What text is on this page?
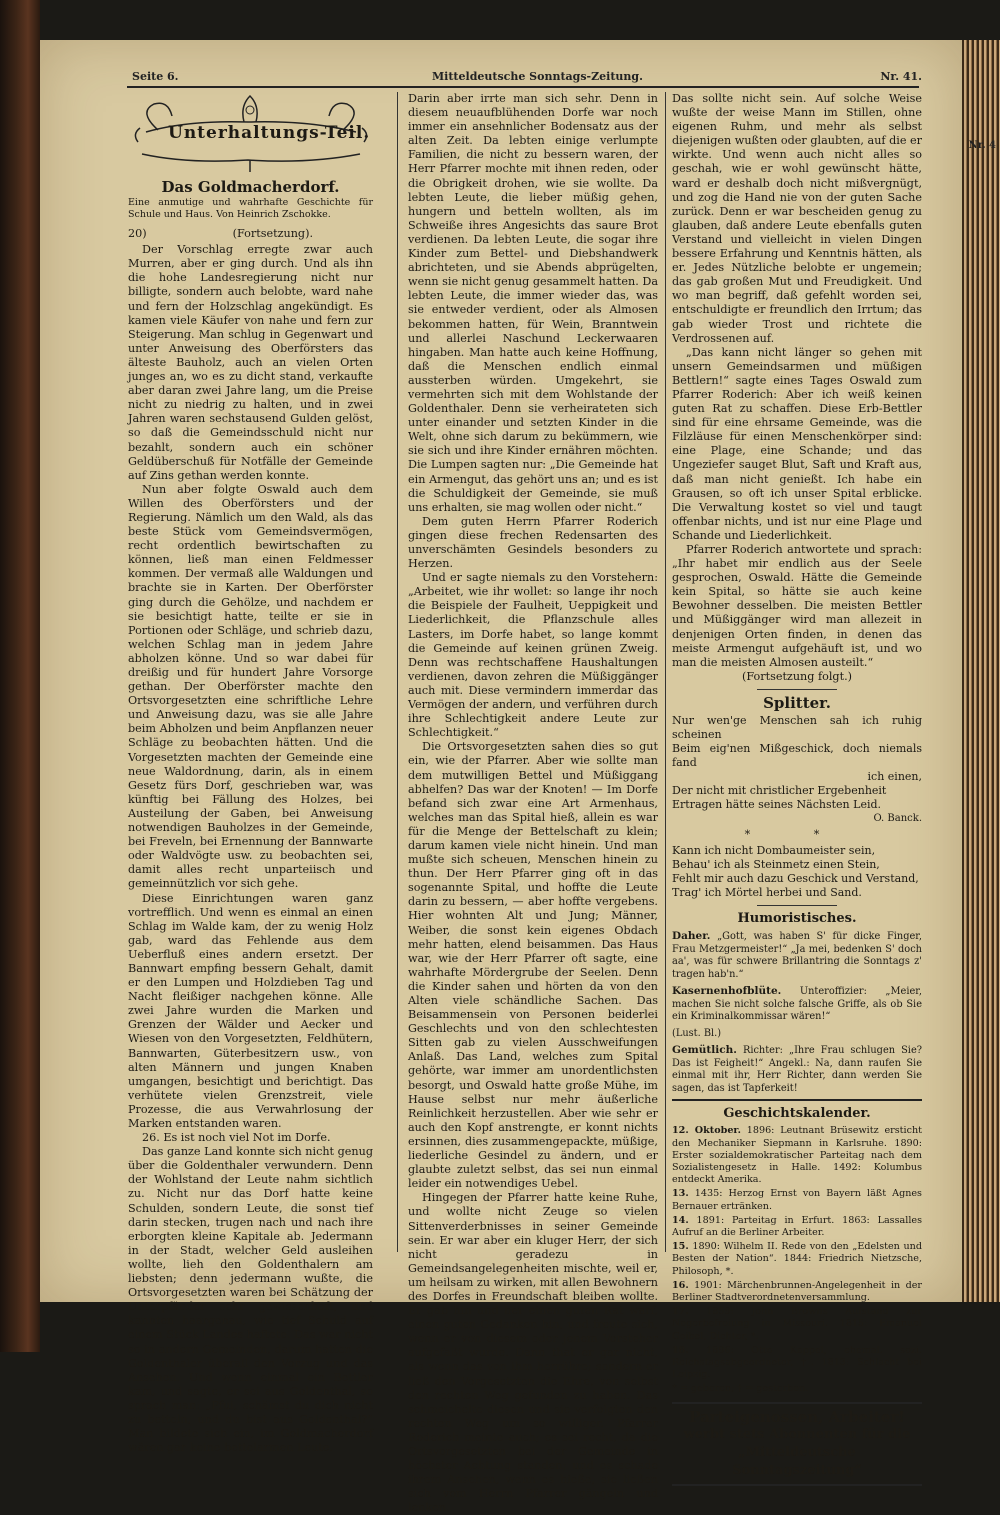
Seite 6.	Mitteldeutsche Sonntags-Zeitung.	Nr. 41.
Unterhaltungs-Teil.
Das Goldmacherdorf.
Eine anmutige und wahrhafte Geschichte für Schule und Haus. Von Heinrich Zschokke.
20)	(Fortsetzung).

Der Vorschlag erregte zwar auch Murren, aber er ging durch. Und als ihn die hohe Landesregierung nicht nur billigte, sondern auch belobte, ward nahe und fern der Holzschlag angekündigt. Es kamen viele Käufer von nahe und fern zur Steigerung. Man schlug in Gegenwart und unter Anweisung des Oberförsters das älteste Bauholz, auch an vielen Orten junges an, wo es zu dicht stand, verkaufte aber daran zwei Jahre lang, um die Preise nicht zu niedrig zu halten, und in zwei Jahren waren sechstausend Gulden gelöst, so daß die Gemeindsschuld nicht nur bezahlt, sondern auch ein schöner Geldüberschuß für Notfälle der Gemeinde auf Zins gethan werden konnte.

Nun aber folgte Oswald auch dem Willen des Oberförsters und der Regierung. Nämlich um den Wald, als das beste Stück vom Gemeindsvermögen, recht ordentlich bewirtschaften zu können, ließ man einen Feldmesser kommen. Der vermaß alle Waldungen und brachte sie in Karten. Der Oberförster ging durch die Gehölze, und nachdem er sie besichtigt hatte, teilte er sie in Portionen oder Schläge, und schrieb dazu, welchen Schlag man in jedem Jahre abholzen könne. Und so war dabei für dreißig und für hundert Jahre Vorsorge gethan. Der Oberförster machte den Ortsvorgesetzten eine schriftliche Lehre und Anweisung dazu, was sie alle Jahre beim Abholzen und beim Anpflanzen neuer Schläge zu beobachten hätten. Und die Vorgesetzten machten der Gemeinde eine neue Waldordnung, darin, als in einem Gesetz fürs Dorf, geschrieben war, was künftig bei Fällung des Holzes, bei Austeilung der Gaben, bei Anweisung notwendigen Bauholzes in der Gemeinde, bei Freveln, bei Ernennung der Bannwarte oder Waldvögte usw. zu beobachten sei, damit alles recht unparteiisch und gemeinnützlich vor sich gehe.

Diese Einrichtungen waren ganz vortrefflich. Und wenn es einmal an einen Schlag im Walde kam, der zu wenig Holz gab, ward das Fehlende aus dem Ueberfluß eines andern ersetzt. Der Bannwart empfing bessern Gehalt, damit er den Lumpen und Holzdieben Tag und Nacht fleißiger nachgehen könne. Alle zwei Jahre wurden die Marken und Grenzen der Wälder und Aecker und Wiesen von den Vorgesetzten, Feldhütern, Bannwarten, Güterbesitzern usw., von alten Männern und jungen Knaben umgangen, besichtigt und berichtigt. Das verhütete vielen Grenzstreit, viele Prozesse, die aus Verwahrlosung der Marken entstanden waren.

26. Es ist noch viel Not im Dorfe.

Das ganze Land konnte sich nicht genug über die Goldenthaler verwundern. Denn der Wohlstand der Leute nahm sichtlich zu. Nicht nur das Dorf hatte keine Schulden, sondern Leute, die sonst tief darin stecken, trugen nach und nach ihre erborgten kleine Kapitale ab. Jedermann in der Stadt, welcher Geld ausleihen wollte, lieh den Goldenthalern am liebsten; denn jedermann wußte, die Ortsvorgesetzten waren bei Schätzung der Unterpfänder sehr gewissenhaft, und kannten haargenau, wie tief Schuld auf einem Stück Landes haftete. Das war nicht so in andern Gemeinden, darum hatten die Goldenthaler überall den Vorzug und das Ansehen. Und wenn einmal ein Bettler kam, und sagte, er sei aus Goldenthal, so sprach man: „Pfui, schämst du dich nicht zu betteln, und du bist aus Goldenthal?“ Man bildete sich ein, im Goldmacherdorf wären gar keine bettelarmen Leute.

Darin aber irrte man sich sehr. Denn in diesem neuaufblühenden Dorfe war noch immer ein ansehnlicher Bodensatz aus der alten Zeit. Da lebten einige verlumpte Familien, die nicht zu bessern waren, der Herr Pfarrer mochte mit ihnen reden, oder die Obrigkeit drohen, wie sie wollte. Da lebten Leute, die lieber müßig gehen, hungern und betteln wollten, als im Schweiße ihres Angesichts das saure Brot verdienen. Da lebten Leute, die sogar ihre Kinder zum Bettel- und Diebshandwerk abrichteten, und sie Abends abprügelten, wenn sie nicht genug gesammelt hatten. Da lebten Leute, die immer wieder das, was sie entweder verdient, oder als Almosen bekommen hatten, für Wein, Branntwein und allerlei Naschund Leckerwaaren hingaben. Man hatte auch keine Hoffnung, daß die Menschen endlich einmal aussterben würden. Umgekehrt, sie vermehrten sich mit dem Wohlstande der Goldenthaler. Denn sie verheirateten sich unter einander und setzten Kinder in die Welt, ohne sich darum zu bekümmern, wie sie sich und ihre Kinder ernähren möchten. Die Lumpen sagten nur: „Die Gemeinde hat ein Armengut, das gehört uns an; und es ist die Schuldigkeit der Gemeinde, sie muß uns erhalten, sie mag wollen oder nicht.“

Dem guten Herrn Pfarrer Roderich gingen diese frechen Redensarten des unverschämten Gesindels besonders zu Herzen.

Und er sagte niemals zu den Vorstehern: „Arbeitet, wie ihr wollet: so lange ihr noch die Beispiele der Faulheit, Ueppigkeit und Liederlichkeit, die Pflanzschule alles Lasters, im Dorfe habet, so lange kommt die Gemeinde auf keinen grünen Zweig. Denn was rechtschaffene Haushaltungen verdienen, davon zehren die Müßiggänger auch mit. Diese vermindern immerdar das Vermögen der andern, und verführen durch ihre Schlechtigkeit andere Leute zur Schlechtigkeit.“

Die Ortsvorgesetzten sahen dies so gut ein, wie der Pfarrer. Aber wie sollte man dem mutwilligen Bettel und Müßiggang abhelfen? Das war der Knoten! — Im Dorfe befand sich zwar eine Art Armenhaus, welches man das Spital hieß, allein es war für die Menge der Bettelschaft zu klein; darum kamen viele nicht hinein. Und man mußte sich scheuen, Menschen hinein zu thun. Der Herr Pfarrer ging oft in das sogenannte Spital, und hoffte die Leute darin zu bessern, — aber hoffte vergebens. Hier wohnten Alt und Jung; Männer, Weiber, die sonst kein eigenes Obdach mehr hatten, elend beisammen. Das Haus war, wie der Herr Pfarrer oft sagte, eine wahrhafte Mördergrube der Seelen. Denn die Kinder sahen und hörten da von den Alten viele schändliche Sachen. Das Beisammensein von Personen beiderlei Geschlechts und von den schlechtesten Sitten gab zu vielen Ausschweifungen Anlaß. Das Land, welches zum Spital gehörte, war immer am unordentlichsten besorgt, und Oswald hatte große Mühe, im Hause selbst nur mehr äußerliche Reinlichkeit herzustellen. Aber wie sehr er auch den Kopf anstrengte, er konnt nichts ersinnen, dies zusammengepackte, müßige, liederliche Gesindel zu ändern, und er glaubte zuletzt selbst, das sei nun einmal leider ein notwendiges Uebel.

Hingegen der Pfarrer hatte keine Ruhe, und wollte nicht Zeuge so vielen Sittenverderbnisses in seiner Gemeinde sein. Er war aber ein kluger Herr, der sich nicht geradezu in Gemeindsangelegenheiten mischte, weil er, um heilsam zu wirken, mit allen Bewohnern des Dorfes in Freundschaft bleiben wollte. Er gab hin und her einen guten Rat warf, einen guten Gedanken hin, und freute sich, wenn er von diesem oder jenem Vorsteher aufgefaßt wurde. Dann that er gar nicht, als wenn das von ihm herrühre; sondern er ließ den Vorgesetzten die Ehre, von selbst den rechten Weg gefunden zu haben. Das schmeichelte diesen und sie verfolgten den rechten Weg um so williger. Pfarrer Roderich meinte auch; es sei recht, da die Ortsvorgesetzten bei der Gemeinde in höchster Achtung standen; und es schade ihrem Ansehen, wenn es hieße, sie ließen sich vom Herrn Pfarrer gängeln und lenken.

Das sollte nicht sein. Auf solche Weise wußte der weise Mann im Stillen, ohne eigenen Ruhm, und mehr als selbst diejenigen wußten oder glaubten, auf die er wirkte. Und wenn auch nicht alles so geschah, wie er wohl gewünscht hätte, ward er deshalb doch nicht mißvergnügt, und zog die Hand nie von der guten Sache zurück. Denn er war bescheiden genug zu glauben, daß andere Leute ebenfalls guten Verstand und vielleicht in vielen Dingen bessere Erfahrung und Kenntnis hätten, als er. Jedes Nützliche belobte er ungemein; das gab großen Mut und Freudigkeit. Und wo man begriff, daß gefehlt worden sei, entschuldigte er freundlich den Irrtum; das gab wieder Trost und richtete die Verdrossenen auf.

„Das kann nicht länger so gehen mit unsern Gemeindsarmen und müßigen Bettlern!“ sagte eines Tages Oswald zum Pfarrer Roderich: Aber ich weiß keinen guten Rat zu schaffen. Diese Erb-Bettler sind für eine ehrsame Gemeinde, was die Filzläuse für einen Menschenkörper sind: eine Plage, eine Schande; und das Ungeziefer sauget Blut, Saft und Kraft aus, daß man nicht genießt. Ich habe ein Grausen, so oft ich unser Spital erblicke. Die Verwaltung kostet so viel und taugt offenbar nichts, und ist nur eine Plage und Schande und Liederlichkeit.

Pfarrer Roderich antwortete und sprach: „Ihr habet mir endlich aus der Seele gesprochen, Oswald. Hätte die Gemeinde kein Spital, so hätte sie auch keine Bewohner desselben. Die meisten Bettler und Müßiggänger wird man allezeit in denjenigen Orten finden, in denen das meiste Armengut aufgehäuft ist, und wo man die meisten Almosen austeilt.“

(Fortsetzung folgt.)
Splitter.
Nur wen'ge Menschen sah ich ruhig scheinen
Beim eig'nen Mißgeschick, doch niemals fand
ich einen,
Der nicht mit christlicher Ergebenheit
Ertragen hätte seines Nächsten Leid.
O. Banck.
* *
Kann ich nicht Dombaumeister sein,
Behau' ich als Steinmetz einen Stein,
Fehlt mir auch dazu Geschick und Verstand,
Trag' ich Mörtel herbei und Sand.
Humoristisches.
Daher. „Gott, was haben S' für dicke Finger, Frau Metzgermeister!“ „Ja mei, bedenken S' doch aa', was für schwere Brillantring die Sonntags z' tragen hab'n.“
Kasernenhofblüte. Unteroffizier: „Meier, machen Sie nicht solche falsche Griffe, als ob Sie ein Kriminalkommissar wären!“
(Lust. Bl.)
Gemütlich. Richter: „Ihre Frau schlugen Sie? Das ist Feigheit!“ Angekl.: Na, dann raufen Sie einmal mit ihr, Herr Richter, dann werden Sie sagen, das ist Tapferkeit!
Geschichtskalender.
12. Oktober. 1896: Leutnant Brüsewitz ersticht den Mechaniker Siepmann in Karlsruhe. 1890: Erster sozialdemokratischer Parteitag nach dem Sozialistengesetz in Halle. 1492: Kolumbus entdeckt Amerika.
13. 1435: Herzog Ernst von Bayern läßt Agnes Bernauer ertränken.
14. 1891: Parteitag in Erfurt. 1863: Lassalles Aufruf an die Berliner Arbeiter.
15. 1890: Wilhelm II. Rede von den „Edelsten und Besten der Nation“. 1844: Friedrich Nietzsche, Philosoph, *.
16. 1901: Märchenbrunnen-Angelegenheit in der Berliner Stadtverordnetenversammlung.
17. 1859: John Browns Aufstand zur Negerbefreiung in Missouri. 1815: Emanuel Geibel, Dichter, *.
18. 1896: Otto Kappel, ehemal. sozi. Reichstagsabgeordneter, †. 1813: Schlacht bei Leipzig.
* = geboren; † = gestorben.
Parteigenossen, Arbeiter!
werbt stets Abonnenten für die
„Mitteldeutsche Sonntagszeitung“
Nr. 4
